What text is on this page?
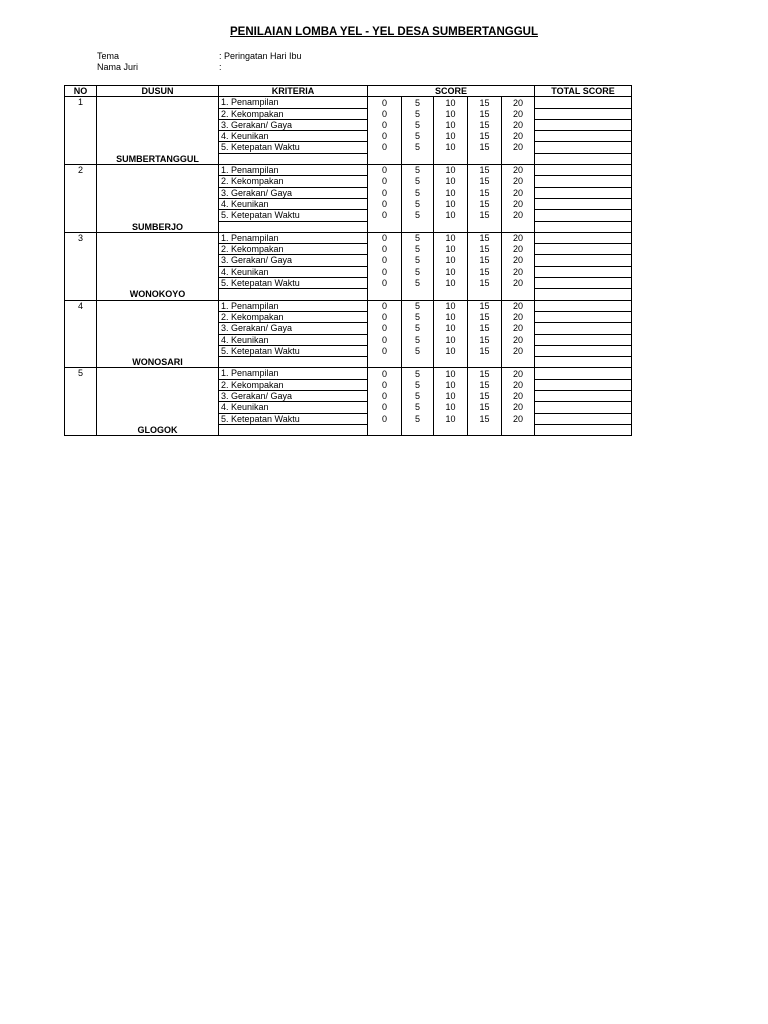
PENILAIAN LOMBA YEL - YEL DESA SUMBERTANGGUL
Tema	: Peringatan Hari Ibu
Nama Juri	:
NO	DUSUN	KRITERIA	SCORE					TOTAL SCORE
1	SUMBERTANGGUL	1. Penampilan	0	5	10	15	20	
		2. Kekompakan	0	5	10	15	20	
		3. Gerakan/ Gaya	0	5	10	15	20	
		4. Keunikan	0	5	10	15	20	
		5. Ketepatan Waktu	0	5	10	15	20	

2	SUMBERJO	1. Penampilan	0	5	10	15	20	
		2. Kekompakan	0	5	10	15	20	
		3. Gerakan/ Gaya	0	5	10	15	20	
		4. Keunikan	0	5	10	15	20	
		5. Ketepatan Waktu	0	5	10	15	20	

3	WONOKOYO	1. Penampilan	0	5	10	15	20	
		2. Kekompakan	0	5	10	15	20	
		3. Gerakan/ Gaya	0	5	10	15	20	
		4. Keunikan	0	5	10	15	20	
		5. Ketepatan Waktu	0	5	10	15	20	

4	WONOSARI	1. Penampilan	0	5	10	15	20	
		2. Kekompakan	0	5	10	15	20	
		3. Gerakan/ Gaya	0	5	10	15	20	
		4. Keunikan	0	5	10	15	20	
		5. Ketepatan Waktu	0	5	10	15	20	

5	GLOGOK	1. Penampilan	0	5	10	15	20	
		2. Kekompakan	0	5	10	15	20	
		3. Gerakan/ Gaya	0	5	10	15	20	
		4. Keunikan	0	5	10	15	20	
		5. Ketepatan Waktu	0	5	10	15	20	
